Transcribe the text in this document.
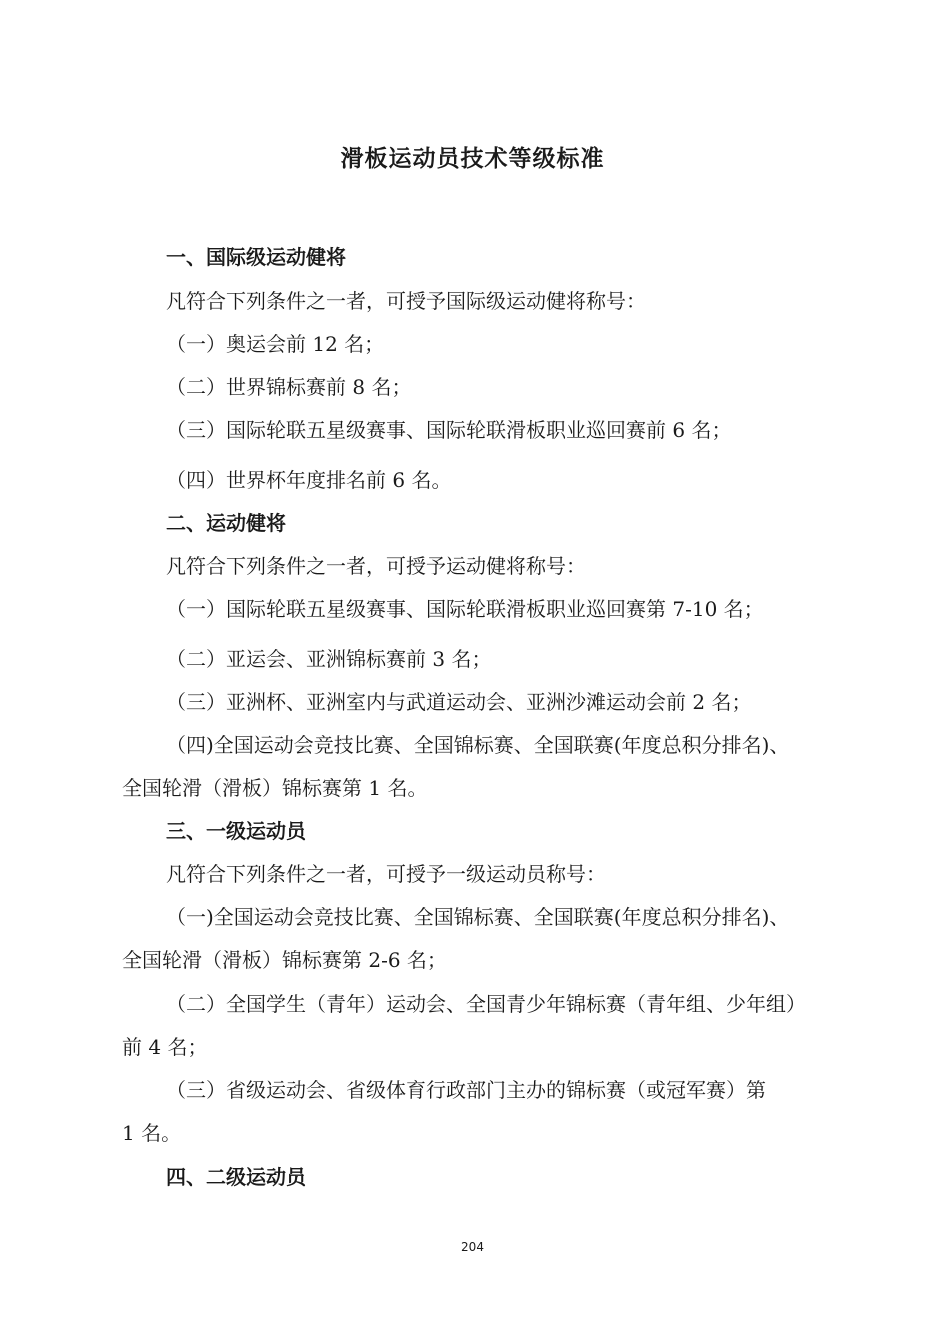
滑板运动员技术等级标准
一、国际级运动健将
凡符合下列条件之一者，可授予国际级运动健将称号：
（一）奥运会前 12 名；
（二）世界锦标赛前 8 名；
（三）国际轮联五星级赛事、国际轮联滑板职业巡回赛前 6 名；
（四）世界杯年度排名前 6 名。
二、运动健将
凡符合下列条件之一者，可授予运动健将称号：
（一）国际轮联五星级赛事、国际轮联滑板职业巡回赛第 7-10 名；
（二）亚运会、亚洲锦标赛前 3 名；
（三）亚洲杯、亚洲室内与武道运动会、亚洲沙滩运动会前 2 名；
（四)全国运动会竞技比赛、全国锦标赛、全国联赛(年度总积分排名)、
全国轮滑（滑板）锦标赛第 1 名。
三、一级运动员
凡符合下列条件之一者，可授予一级运动员称号：
（一)全国运动会竞技比赛、全国锦标赛、全国联赛(年度总积分排名)、
全国轮滑（滑板）锦标赛第 2-6 名；
（二）全国学生（青年）运动会、全国青少年锦标赛（青年组、少年组）
前 4 名；
（三）省级运动会、省级体育行政部门主办的锦标赛（或冠军赛）第
1 名。
四、二级运动员
204
